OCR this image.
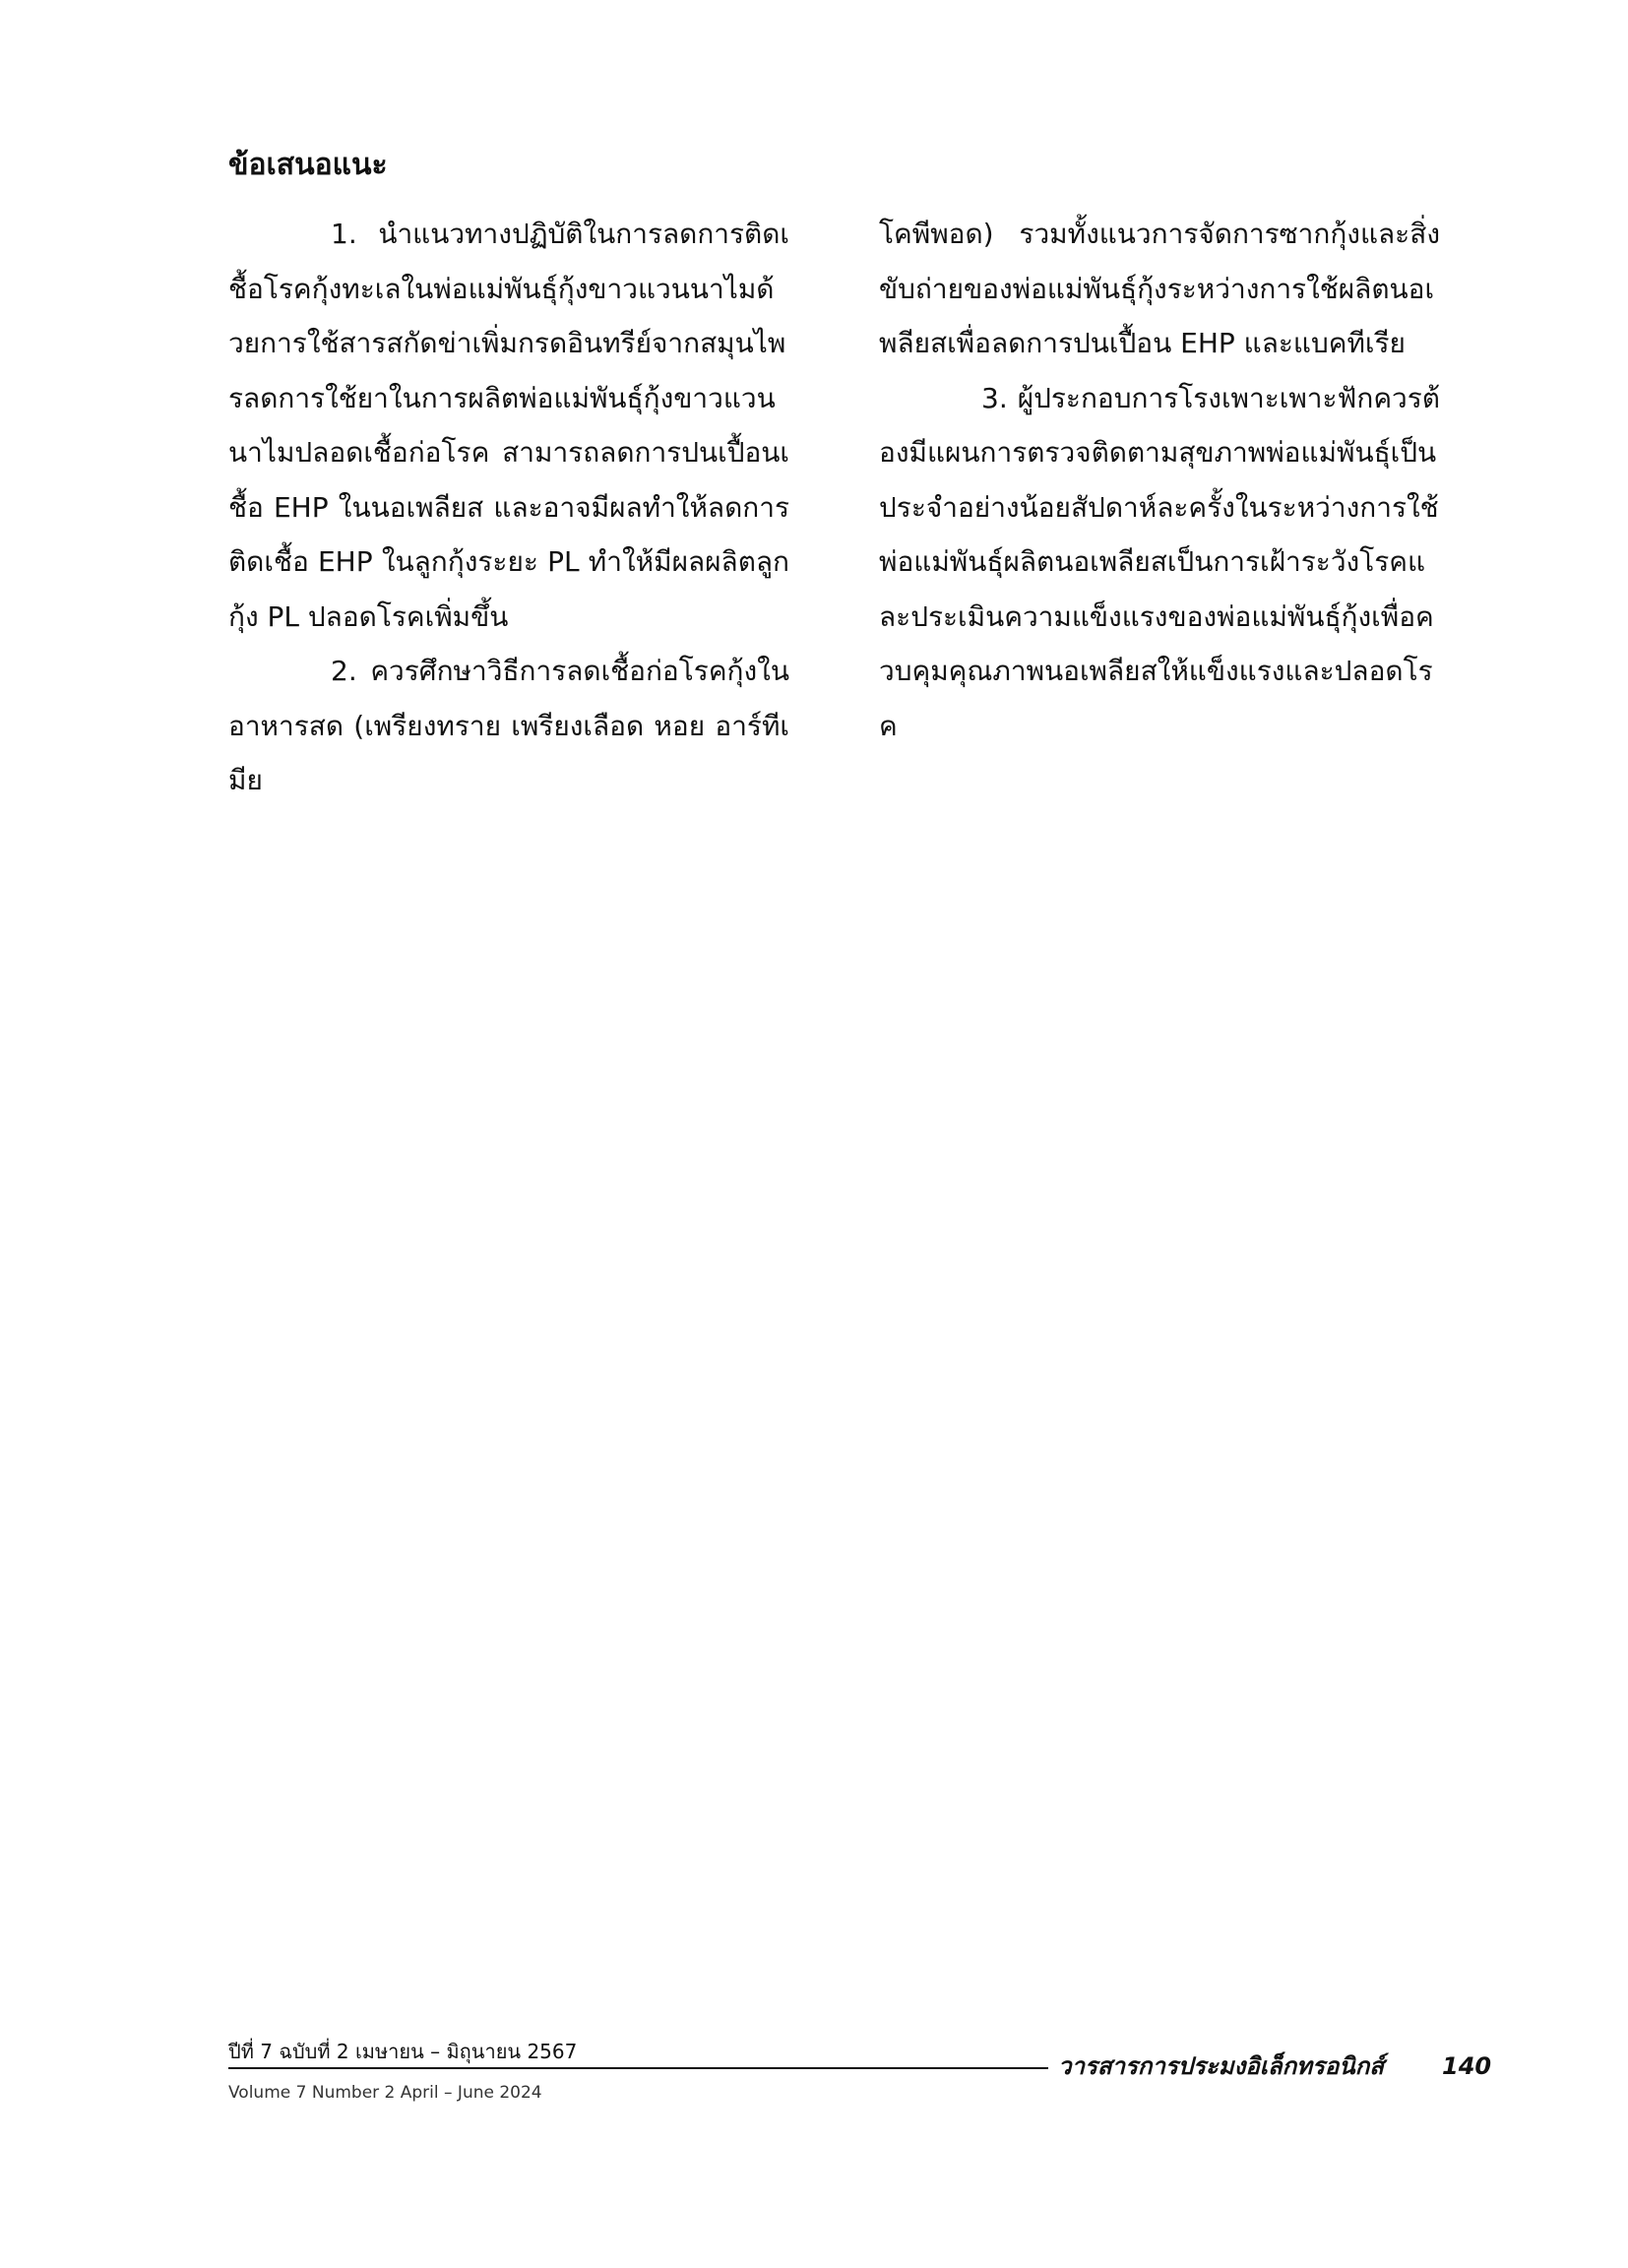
ข้อเสนอแนะ

1. นำแนวทางปฏิบัติในการลดการติดเชื้อโรคกุ้งทะเลในพ่อแม่พันธุ์กุ้งขาวแวนนาไมด้วยการใช้สารสกัดข่าเพิ่มกรดอินทรีย์จากสมุนไพรลดการใช้ยาในการผลิตพ่อแม่พันธุ์กุ้งขาวแวนนาไมปลอดเชื้อก่อโรค สามารถลดการปนเปื้อนเชื้อ EHP ในนอเพลียส และอาจมีผลทำให้ลดการติดเชื้อ EHP ในลูกกุ้งระยะ PL ทำให้มีผลผลิตลูกกุ้ง PL ปลอดโรคเพิ่มขึ้น

2. ควรศึกษาวิธีการลดเชื้อก่อโรคกุ้งในอาหารสด (เพรียงทราย เพรียงเลือด หอย อาร์ทีเมีย

โคพีพอด) รวมทั้งแนวการจัดการซากกุ้งและสิ่งขับถ่ายของพ่อแม่พันธุ์กุ้งระหว่างการใช้ผลิตนอเพลียสเพื่อลดการปนเปื้อน EHP และแบคทีเรีย

3. ผู้ประกอบการโรงเพาะเพาะฟักควรต้องมีแผนการตรวจติดตามสุขภาพพ่อแม่พันธุ์เป็นประจำอย่างน้อยสัปดาห์ละครั้งในระหว่างการใช้พ่อแม่พันธุ์ผลิตนอเพลียสเป็นการเฝ้าระวังโรคและประเมินความแข็งแรงของพ่อแม่พันธุ์กุ้งเพื่อควบคุมคุณภาพนอเพลียสให้แข็งแรงและปลอดโรค

ปีที่ 7 ฉบับที่ 2 เมษายน – มิถุนายน 2567
วารสารการประมงอิเล็กทรอนิกส์ 140
Volume 7 Number 2 April – June 2024
